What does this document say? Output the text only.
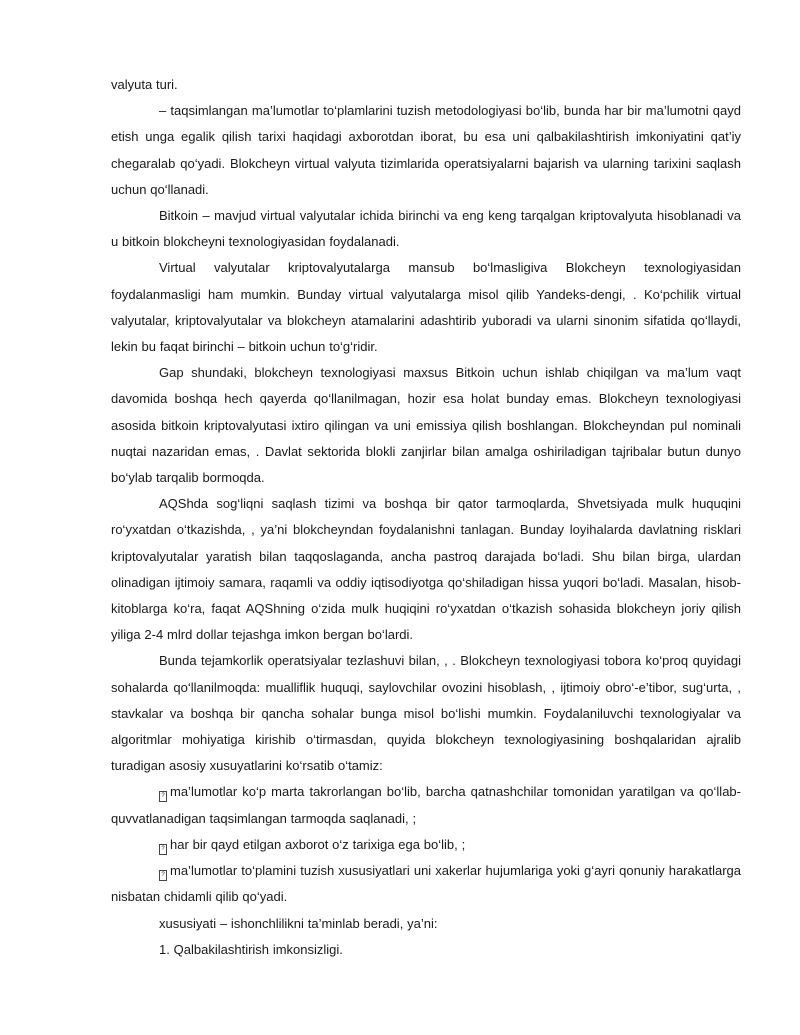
valyuta turi.

– taqsimlangan ma’lumotlar to‘plamlarini tuzish metodologiyasi bo‘lib, bunda har bir ma’lumotni qayd etish unga egalik qilish tarixi haqidagi axborotdan iborat, bu esa uni qalbakilashtirish imkoniyatini qat’iy chegaralab qo‘yadi. Blokcheyn virtual valyuta tizimlarida operatsiyalarni bajarish va ularning tarixini saqlash uchun qo‘llanadi.

Bitkoin – mavjud virtual valyutalar ichida birinchi va eng keng tarqalgan kriptovalyuta hisoblanadi va u bitkoin blokcheyni texnologiyasidan foydalanadi.

Virtual valyutalar kriptovalyutalarga mansub bo‘lmasligiva Blokcheyn texnologiyasidan foydalanmasligi ham mumkin. Bunday virtual valyutalarga misol qilib Yandeks-dengi, . Ko‘pchilik virtual valyutalar, kriptovalyutalar va blokcheyn atamalarini adashtirib yuboradi va ularni sinonim sifatida qo‘llaydi, lekin bu faqat birinchi – bitkoin uchun to‘g‘ridir.

Gap shundaki, blokcheyn texnologiyasi maxsus Bitkoin uchun ishlab chiqilgan va ma’lum vaqt davomida boshqa hech qayerda qo‘llanilmagan, hozir esa holat bunday emas. Blokcheyn texnologiyasi asosida bitkoin kriptovalyutasi ixtiro qilingan va uni emissiya qilish boshlangan. Blokcheyndan pul nominali nuqtai nazaridan emas, . Davlat sektorida blokli zanjirlar bilan amalga oshiriladigan tajribalar butun dunyo bo‘ylab tarqalib bormoqda.

AQShda sog‘liqni saqlash tizimi va boshqa bir qator tarmoqlarda, Shvetsiyada mulk huquqini ro‘yxatdan o‘tkazishda, , ya’ni blokcheyndan foydalanishni tanlagan. Bunday loyihalarda davlatning risklari kriptovalyutalar yaratish bilan taqqoslaganda, ancha pastroq darajada bo‘ladi. Shu bilan birga, ulardan olinadigan ijtimoiy samara, raqamli va oddiy iqtisodiyotga qo‘shiladigan hissa yuqori bo‘ladi. Masalan, hisob-kitoblarga ko‘ra, faqat AQShning o‘zida mulk huqiqini ro‘yxatdan o‘tkazish sohasida blokcheyn joriy qilish yiliga 2-4 mlrd dollar tejashga imkon bergan bo‘lardi.

Bunda tejamkorlik operatsiyalar tezlashuvi bilan, , . Blokcheyn texnologiyasi tobora ko‘proq quyidagi sohalarda qo‘llanilmoqda: mualliflik huquqi, saylovchilar ovozini hisoblash, , ijtimoiy obro‘-e’tibor, sug‘urta, , stavkalar va boshqa bir qancha sohalar bunga misol bo‘lishi mumkin. Foydalaniluvchi texnologiyalar va algoritmlar mohiyatiga kirishib o‘tirmasdan, quyida blokcheyn texnologiyasining boshqalaridan ajralib turadigan asosiy xusuyatlarini ko‘rsatib o‘tamiz:

? ma’lumotlar ko‘p marta takrorlangan bo‘lib, barcha qatnashchilar tomonidan yaratilgan va qo‘llab-quvvatlanadigan taqsimlangan tarmoqda saqlanadi, ;

? har bir qayd etilgan axborot o‘z tarixiga ega bo‘lib, ;

? ma’lumotlar to‘plamini tuzish xususiyatlari uni xakerlar hujumlariga yoki g‘ayri qonuniy harakatlarga nisbatan chidamli qilib qo‘yadi.

xususiyati – ishonchlilikni ta’minlab beradi, ya’ni:

1. Qalbakilashtirish imkonsizligi.
